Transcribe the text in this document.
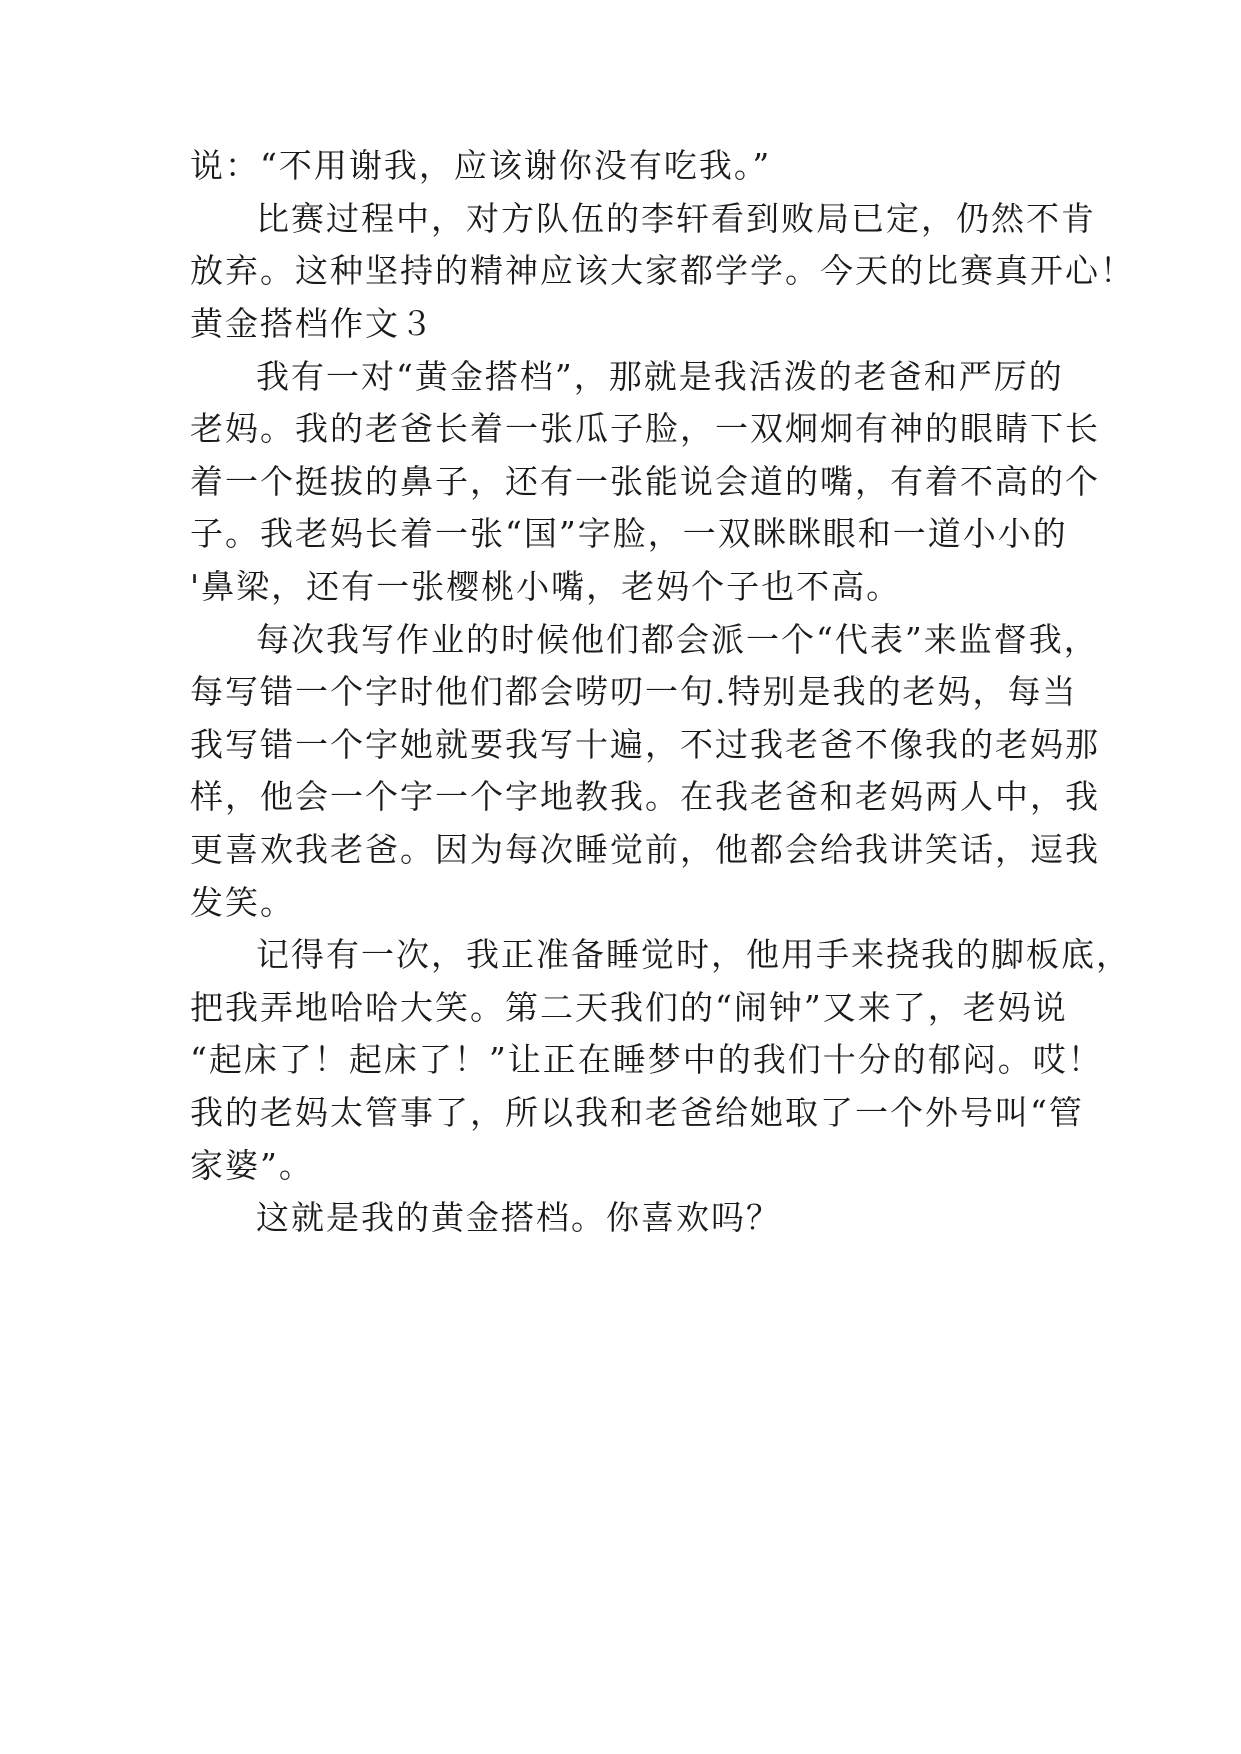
说：“不用谢我，应该谢你没有吃我。”
比赛过程中，对方队伍的李轩看到败局已定，仍然不肯
放弃。这种坚持的精神应该大家都学学。今天的比赛真开心！
黄金搭档作文３
我有一对“黄金搭档”，那就是我活泼的老爸和严厉的
老妈。我的老爸长着一张瓜子脸，一双炯炯有神的眼睛下长
着一个挺拔的鼻子，还有一张能说会道的嘴，有着不高的个
子。我老妈长着一张“国”字脸，一双眯眯眼和一道小小的
'鼻梁，还有一张樱桃小嘴，老妈个子也不高。
每次我写作业的时候他们都会派一个“代表”来监督我，
每写错一个字时他们都会唠叨一句.特别是我的老妈，每当
我写错一个字她就要我写十遍，不过我老爸不像我的老妈那
样，他会一个字一个字地教我。在我老爸和老妈两人中，我
更喜欢我老爸。因为每次睡觉前，他都会给我讲笑话，逗我
发笑。
记得有一次，我正准备睡觉时，他用手来挠我的脚板底，
把我弄地哈哈大笑。第二天我们的“闹钟”又来了，老妈说
“起床了！起床了！”让正在睡梦中的我们十分的郁闷。哎！
我的老妈太管事了，所以我和老爸给她取了一个外号叫“管
家婆”。
这就是我的黄金搭档。你喜欢吗？
